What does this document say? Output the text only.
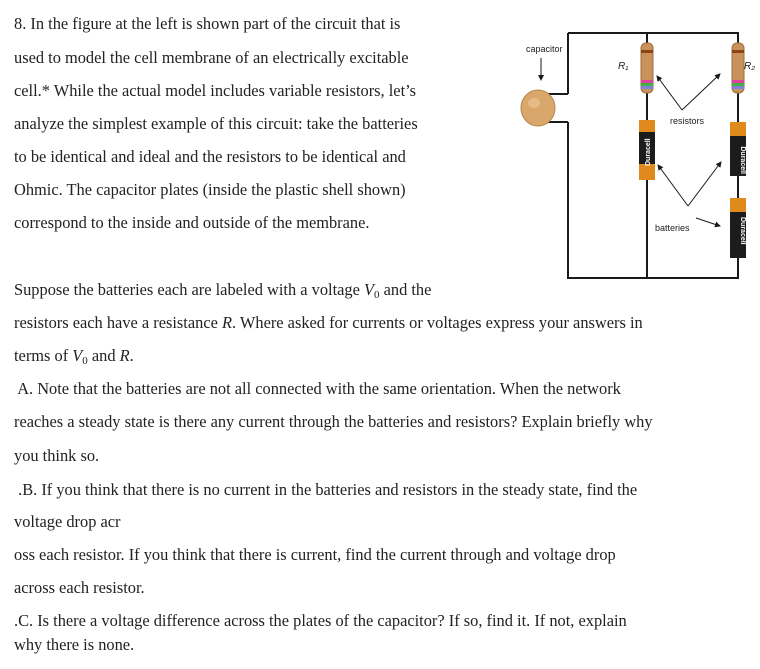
8. In the figure at the left is shown part of the circuit that is
used to model the cell membrane of an electrically excitable
cell.* While the actual model includes variable resistors, let’s
analyze the simplest example of this circuit: take the batteries
to be identical and ideal and the resistors to be identical and
Ohmic. The capacitor plates (inside the plastic shell shown)
correspond to the inside and outside of the membrane.
Suppose the batteries each are labeled with a voltage $V_0$ and the
resistors each have a resistance R. Where asked for currents or voltages express your answers in
terms of $V_0$ and R.
A. Note that the batteries are not all connected with the same orientation. When the network
reaches a steady state is there any current through the batteries and resistors? Explain briefly why
you think so.
.B. If you think that there is no current in the batteries and resistors in the steady state, find the
voltage drop acr
oss each resistor. If you think that there is current, find the current through and voltage drop
across each resistor.
.C. Is there a voltage difference across the plates of the capacitor? If so, find it. If not, explain
why there is none.
capacitor
R₁	R₂
resistors
Duracell	Duracell
Duracell
batteries
